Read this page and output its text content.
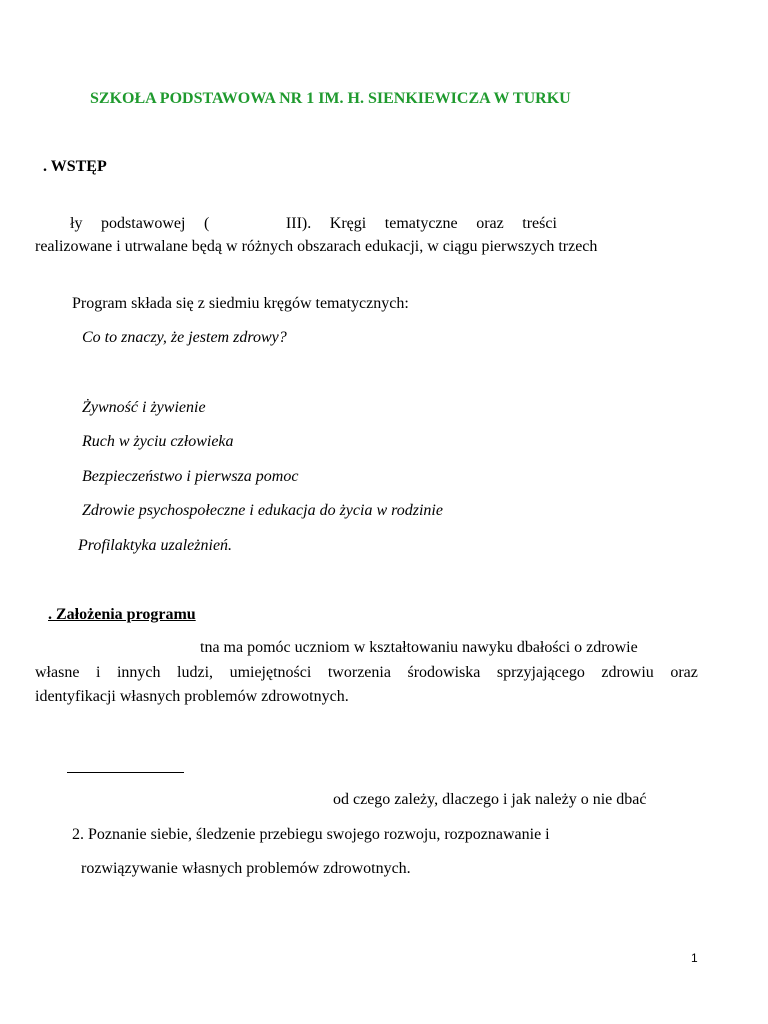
SZKOŁA PODSTAWOWA NR 1 IM. H. SIENKIEWICZA W TURKU
. WSTĘP
ły podstawowej (	III). Kręgi tematyczne oraz treści
realizowane i utrwalane będą w różnych obszarach edukacji, w ciągu pierwszych trzech
Program składa się z siedmiu kręgów tematycznych:
Co to znaczy, że jestem zdrowy?
Żywność i żywienie
Ruch w życiu człowieka
Bezpieczeństwo i pierwsza pomoc
Zdrowie psychospołeczne i edukacja do życia w rodzinie
Profilaktyka uzależnień.
. Założenia programu
tna ma pomóc uczniom w kształtowaniu nawyku dbałości o zdrowie
własne i innych ludzi, umiejętności tworzenia środowiska sprzyjającego zdrowiu oraz
identyfikacji własnych problemów zdrowotnych.
od czego zależy, dlaczego i jak należy o nie dbać
2. Poznanie siebie, śledzenie przebiegu swojego rozwoju, rozpoznawanie i
rozwiązywanie własnych problemów zdrowotnych.
1
